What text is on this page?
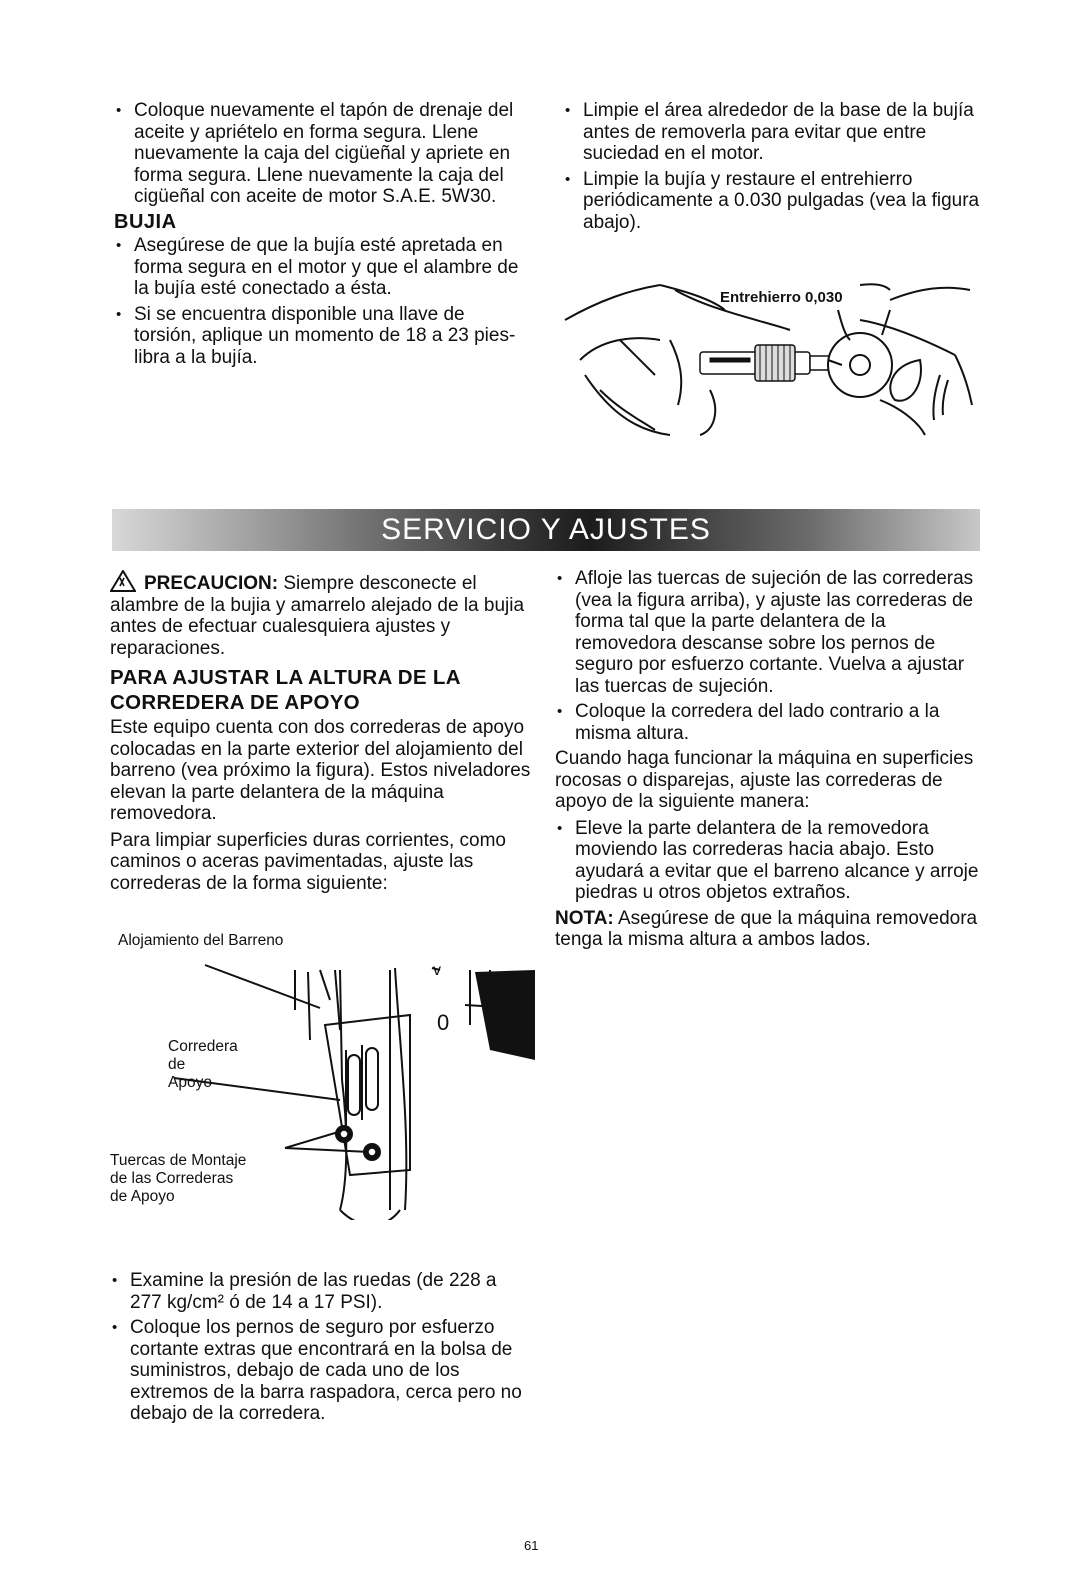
• Coloque nuevamente el tapón de drenaje del aceite y apriételo en forma segura. Llene nuevamente la caja del cigüeñal y apriete en forma segura. Llene nuevamente la caja del cigüeñal con aceite de motor S.A.E. 5W30.
BUJIA
• Asegúrese de que la bujía esté apretada en forma segura en el motor y que el alambre de la bujía esté conectado a ésta.
• Si se encuentra disponible una llave de torsión, aplique un momento de 18 a 23 pies-libra a la bujía.
• Limpie el área alrededor de la base de la bujía antes de removerla para evitar que entre suciedad en el motor.
• Limpie la bujía y restaure el entrehierro periódicamente a 0.030 pulgadas (vea la figura abajo).
Entrehierro 0,030
SERVICIO Y AJUSTES

PRECAUCION: Siempre desconecte el alambre de la bujia y amarrelo alejado de la bujia antes de efectuar cualesquiera ajustes y reparaciones.

PARA AJUSTAR LA ALTURA DE LA CORREDERA DE APOYO

Este equipo cuenta con dos correderas de apoyo colocadas en la parte exterior del alojamiento del barreno (vea próximo la figura). Estos niveladores elevan la parte delantera de la máquina removedora.

Para limpiar superficies duras corrientes, como caminos o aceras pavimentadas, ajuste las correderas de la forma siguiente:

v
0
Alojamiento del Barreno
Corredera
de
Apoyo
Tuercas de Montaje
de las Correderas
de Apoyo
• Examine la presión de las ruedas (de 228 a 277 kg/cm² ó de 14 a 17 PSI).
• Coloque los pernos de seguro por esfuerzo cortante extras que encontrará en la bolsa de suministros, debajo de cada uno de los extremos de la barra raspadora, cerca pero no debajo de la corredera.
• Afloje las tuercas de sujeción de las correderas (vea la figura arriba), y ajuste las correderas de forma tal que la parte delantera de la removedora descanse sobre los pernos de seguro por esfuerzo cortante. Vuelva a ajustar las tuercas de sujeción.
• Coloque la corredera del lado contrario a la misma altura.

Cuando haga funcionar la máquina en superficies rocosas o disparejas, ajuste las correderas de apoyo de la siguiente manera:

• Eleve la parte delantera de la removedora moviendo las correderas hacia abajo. Esto ayudará a evitar que el barreno alcance y arroje piedras u otros objetos extraños.

NOTA: Asegúrese de que la máquina removedora tenga la misma altura a ambos lados.

61
